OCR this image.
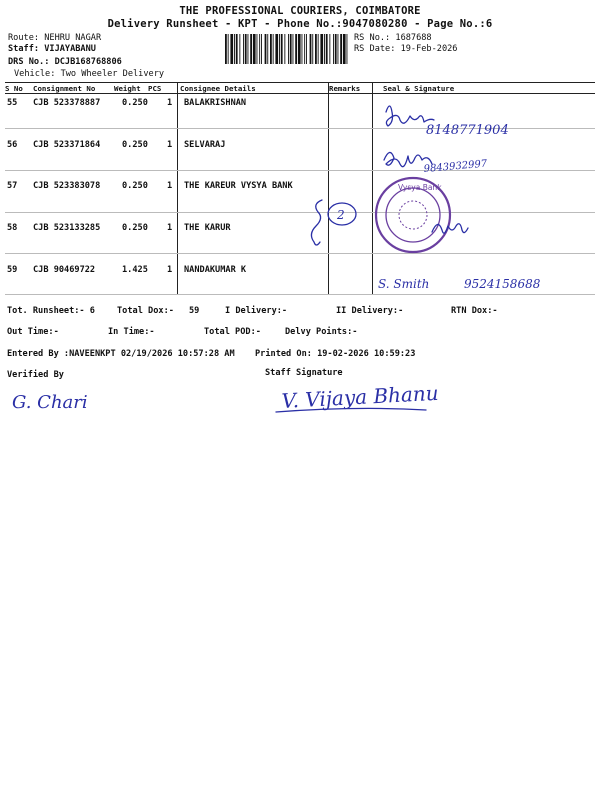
THE PROFESSIONAL COURIERS, COIMBATORE
Delivery Runsheet - KPT - Phone No.:9047080280 - Page No.:6
Route: NEHRU NAGAR
Staff: VIJAYABANU
DRS No.: DCJB168768806
Vehicle: Two Wheeler Delivery
RS No.: 1687688
RS Date: 19-Feb-2026
S No Consignment No	Weight PCS	Consignee Details	Remarks	Seal & Signature
55 CJB 523378887	0.250 1 BALAKRISHNAN
56 CJB 523371864	0.250 1 SELVARAJ
57 CJB 523383078	0.250 1 THE KAREUR VYSYA BANK
58 CJB 523133285	0.250 1 THE KARUR
59 CJB 90469722	1.425 1 NANDAKUMAR K
8148771904
9843932997
2
Vysya Bank
S. Smith	9524158688
G. Chari	V. Vijaya Bhanu
Tot. Runsheet:- 6	Total Dox:- 59	I Delivery:-	II Delivery:-	RTN Dox:-
Out Time:-	In Time:-	Total POD:-	Delvy Points:-
Entered By :NAVEENKPT 02/19/2026 10:57:28 AM Printed On: 19-02-2026 10:59:23
Verified By	Staff Signature
